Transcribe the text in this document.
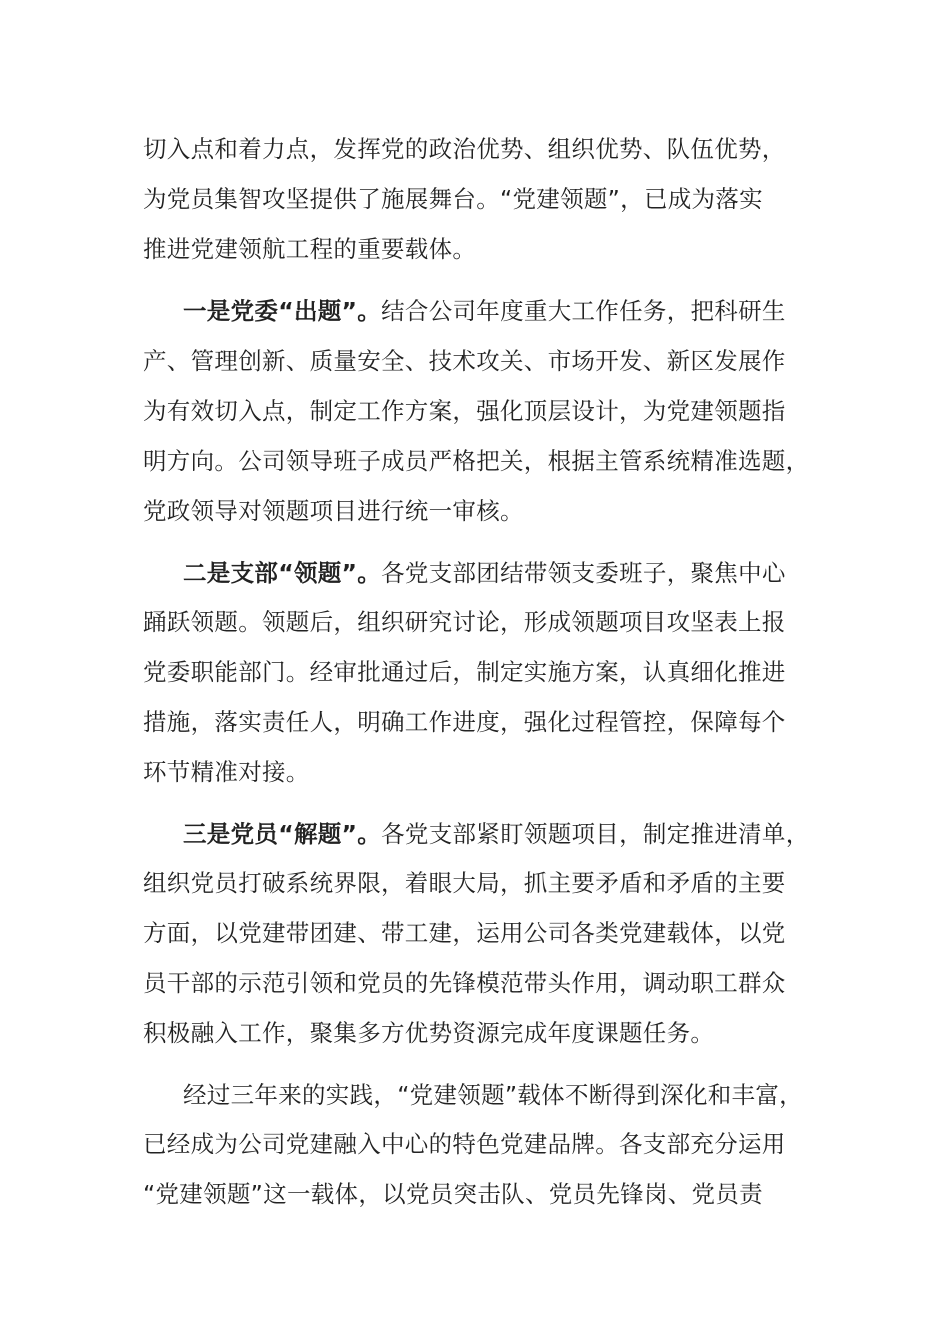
切入点和着力点，发挥党的政治优势、组织优势、队伍优势，
为党员集智攻坚提供了施展舞台。“党建领题”，已成为落实
推进党建领航工程的重要载体。
一是党委“出题”。结合公司年度重大工作任务，把科研生
产、管理创新、质量安全、技术攻关、市场开发、新区发展作
为有效切入点，制定工作方案，强化顶层设计，为党建领题指
明方向。公司领导班子成员严格把关，根据主管系统精准选题，
党政领导对领题项目进行统一审核。
二是支部“领题”。各党支部团结带领支委班子，聚焦中心
踊跃领题。领题后，组织研究讨论，形成领题项目攻坚表上报
党委职能部门。经审批通过后，制定实施方案，认真细化推进
措施，落实责任人，明确工作进度，强化过程管控，保障每个
环节精准对接。
三是党员“解题”。各党支部紧盯领题项目，制定推进清单，
组织党员打破系统界限，着眼大局，抓主要矛盾和矛盾的主要
方面，以党建带团建、带工建，运用公司各类党建载体，以党
员干部的示范引领和党员的先锋模范带头作用，调动职工群众
积极融入工作，聚集多方优势资源完成年度课题任务。
经过三年来的实践，“党建领题”载体不断得到深化和丰富，
已经成为公司党建融入中心的特色党建品牌。各支部充分运用
“党建领题”这一载体，以党员突击队、党员先锋岗、党员责
